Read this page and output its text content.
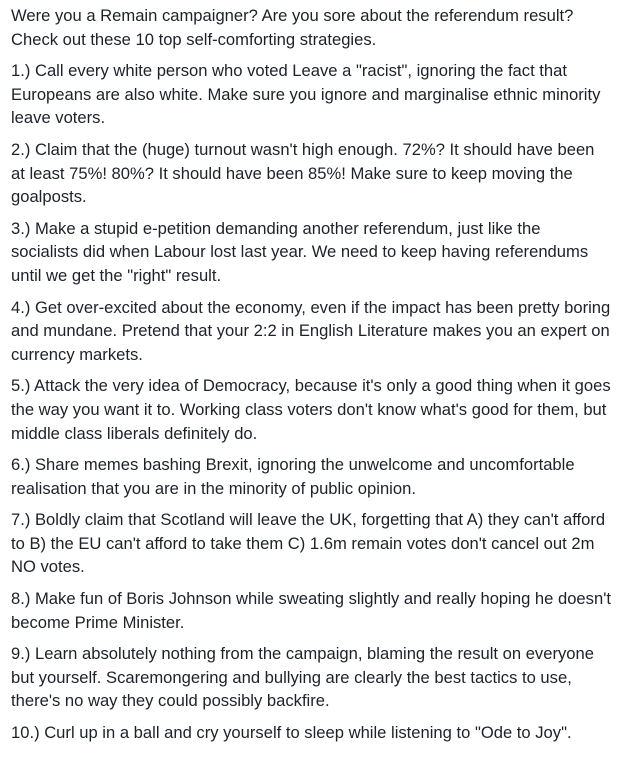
Were you a Remain campaigner? Are you sore about the referendum result? Check out these 10 top self-comforting strategies.

1.) Call every white person who voted Leave a "racist", ignoring the fact that Europeans are also white. Make sure you ignore and marginalise ethnic minority leave voters.

2.) Claim that the (huge) turnout wasn't high enough. 72%? It should have been at least 75%! 80%? It should have been 85%! Make sure to keep moving the goalposts.

3.) Make a stupid e-petition demanding another referendum, just like the socialists did when Labour lost last year. We need to keep having referendums until we get the "right" result.

4.) Get over-excited about the economy, even if the impact has been pretty boring and mundane. Pretend that your 2:2 in English Literature makes you an expert on currency markets.

5.) Attack the very idea of Democracy, because it's only a good thing when it goes the way you want it to. Working class voters don't know what's good for them, but middle class liberals definitely do.

6.) Share memes bashing Brexit, ignoring the unwelcome and uncomfortable realisation that you are in the minority of public opinion.

7.) Boldly claim that Scotland will leave the UK, forgetting that A) they can't afford to B) the EU can't afford to take them C) 1.6m remain votes don't cancel out 2m NO votes.

8.) Make fun of Boris Johnson while sweating slightly and really hoping he doesn't become Prime Minister.

9.) Learn absolutely nothing from the campaign, blaming the result on everyone but yourself. Scaremongering and bullying are clearly the best tactics to use, there's no way they could possibly backfire.

10.) Curl up in a ball and cry yourself to sleep while listening to "Ode to Joy".
